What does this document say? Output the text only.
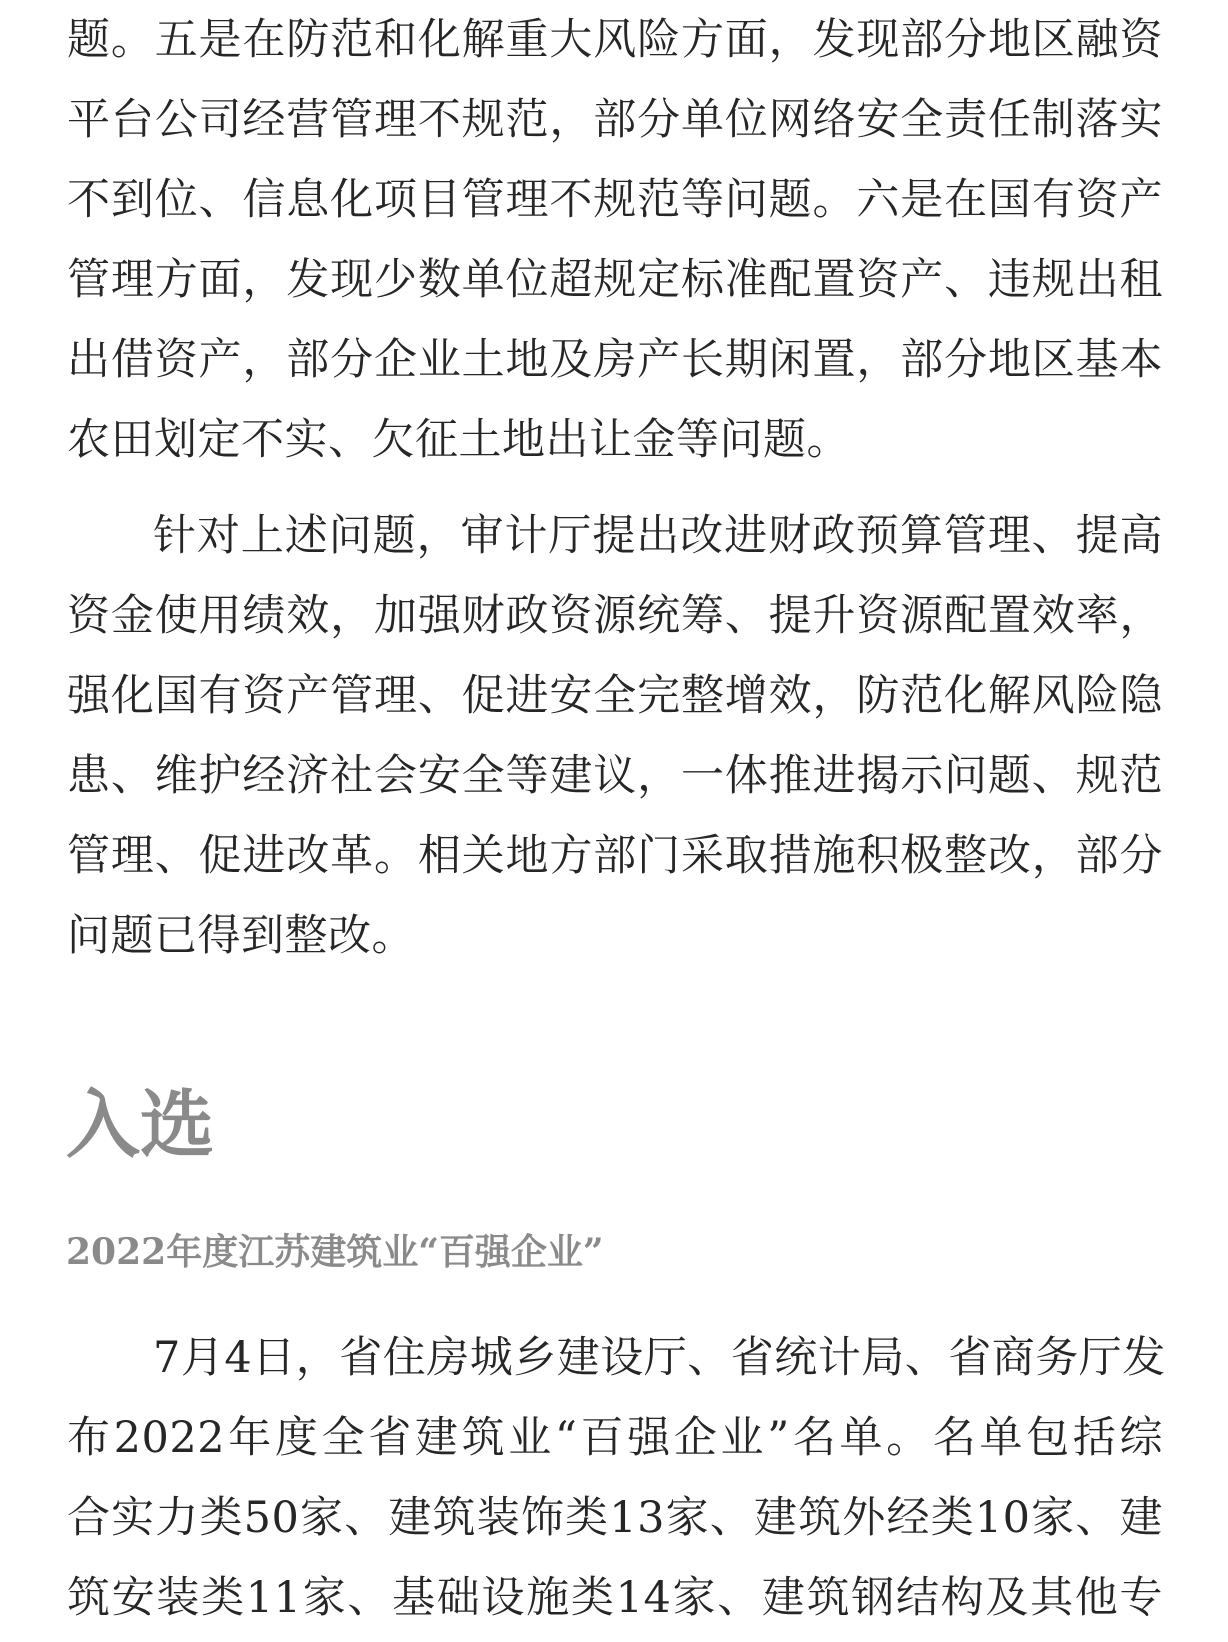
题。五是在防范和化解重大风险方面，发现部分地区融资
平台公司经营管理不规范，部分单位网络安全责任制落实
不到位、信息化项目管理不规范等问题。六是在国有资产
管理方面，发现少数单位超规定标准配置资产、违规出租
出借资产，部分企业土地及房产长期闲置，部分地区基本
农田划定不实、欠征土地出让金等问题。
针对上述问题，审计厅提出改进财政预算管理、提高
资金使用绩效，加强财政资源统筹、提升资源配置效率，
强化国有资产管理、促进安全完整增效，防范化解风险隐
患、维护经济社会安全等建议，一体推进揭示问题、规范
管理、促进改革。相关地方部门采取措施积极整改，部分
问题已得到整改。
入选
2022年度江苏建筑业“百强企业”
7月4日，省住房城乡建设厅、省统计局、省商务厅发
布2022年度全省建筑业“百强企业”名单。名单包括综
合实力类50家、建筑装饰类13家、建筑外经类10家、建
筑安装类11家、基础设施类14家、建筑钢结构及其他专
